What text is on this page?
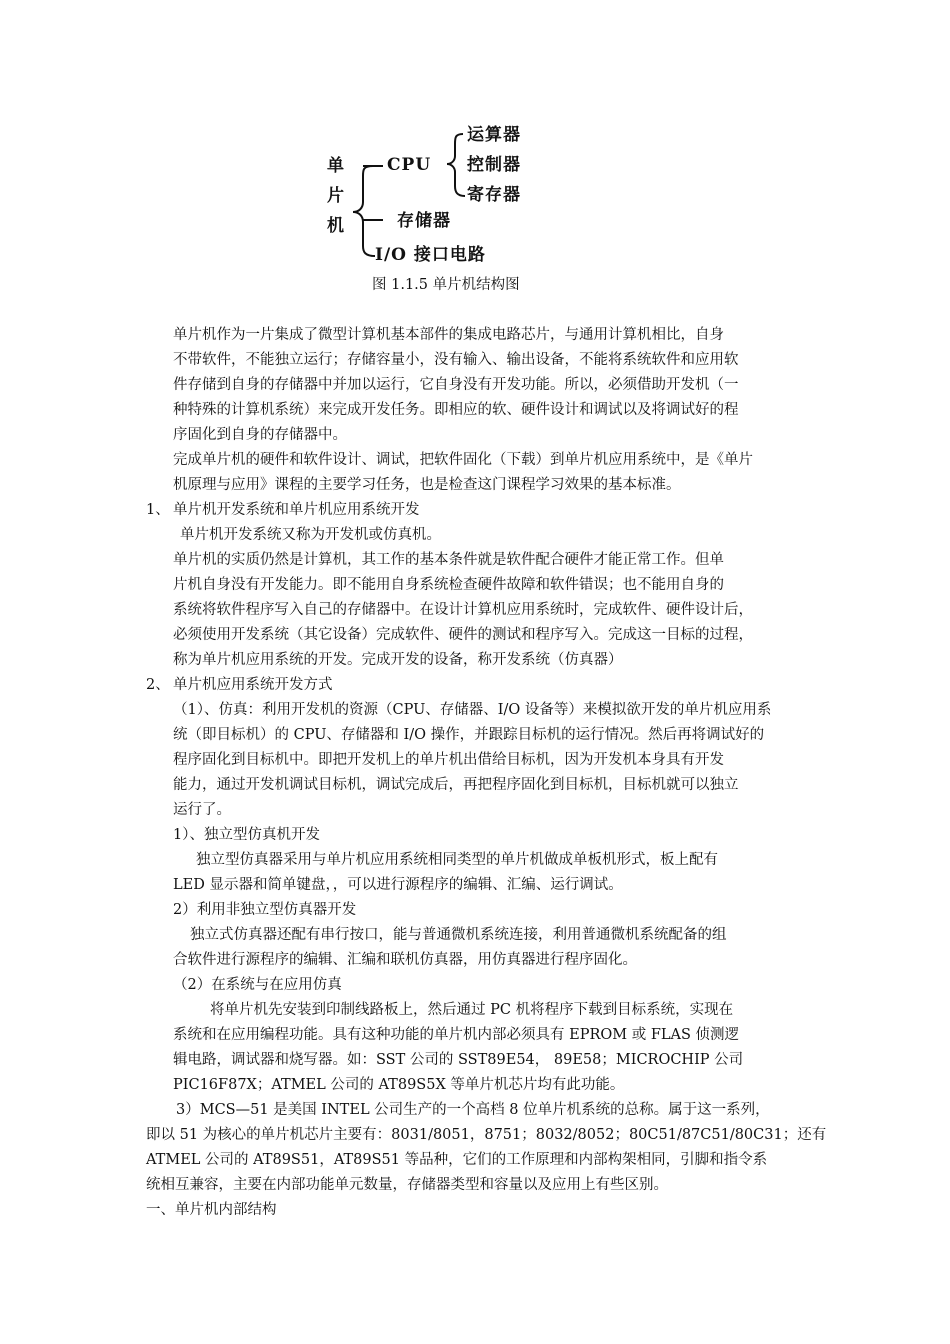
单
片
机
CPU
运算器
控制器
寄存器
存储器
I/O 接口电路
图 1.1.5 单片机结构图
单片机作为一片集成了微型计算机基本部件的集成电路芯片，与通用计算机相比，自身
不带软件，不能独立运行；存储容量小，没有输入、输出设备，不能将系统软件和应用软
件存储到自身的存储器中并加以运行，它自身没有开发功能。所以，必须借助开发机（一
种特殊的计算机系统）来完成开发任务。即相应的软、硬件设计和调试以及将调试好的程
序固化到自身的存储器中。
完成单片机的硬件和软件设计、调试，把软件固化（下载）到单片机应用系统中，是《单片
机原理与应用》课程的主要学习任务，也是检查这门课程学习效果的基本标准。
1、 单片机开发系统和单片机应用系统开发
单片机开发系统又称为开发机或仿真机。
单片机的实质仍然是计算机，其工作的基本条件就是软件配合硬件才能正常工作。但单
片机自身没有开发能力。即不能用自身系统检查硬件故障和软件错误；也不能用自身的
系统将软件程序写入自己的存储器中。在设计计算机应用系统时，完成软件、硬件设计后，
必须使用开发系统（其它设备）完成软件、硬件的测试和程序写入。完成这一目标的过程，
称为单片机应用系统的开发。完成开发的设备，称开发系统（仿真器）
2、 单片机应用系统开发方式
（1）、仿真：利用开发机的资源（CPU、存储器、I/O 设备等）来模拟欲开发的单片机应用系
统（即目标机）的 CPU、存储器和 I/O 操作，并跟踪目标机的运行情况。然后再将调试好的
程序固化到目标机中。即把开发机上的单片机出借给目标机，因为开发机本身具有开发
能力，通过开发机调试目标机，调试完成后，再把程序固化到目标机，目标机就可以独立
运行了。
1）、独立型仿真机开发
独立型仿真器采用与单片机应用系统相同类型的单片机做成单板机形式，板上配有
LED 显示器和简单键盘，，可以进行源程序的编辑、汇编、运行调试。
2）利用非独立型仿真器开发
独立式仿真器还配有串行按口，能与普通微机系统连接，利用普通微机系统配备的组
合软件进行源程序的编辑、汇编和联机仿真器，用仿真器进行程序固化。
（2）在系统与在应用仿真
将单片机先安装到印制线路板上，然后通过 PC 机将程序下载到目标系统，实现在
系统和在应用编程功能。具有这种功能的单片机内部必须具有 EPROM 或 FLAS 侦测逻
辑电路，调试器和烧写器。如：SST 公司的 SST89E54， 89E58；MICROCHIP 公司
PIC16F87X；ATMEL 公司的 AT89S5X 等单片机芯片均有此功能。
3）MCS—51 是美国 INTEL 公司生产的一个高档 8 位单片机系统的总称。属于这一系列，
即以 51 为核心的单片机芯片主要有：8031/8051，8751；8032/8052；80C51/87C51/80C31；还有
ATMEL 公司的 AT89S51，AT89S51 等品种，它们的工作原理和内部构架相同，引脚和指令系
统相互兼容，主要在内部功能单元数量，存储器类型和容量以及应用上有些区别。
一、单片机内部结构
